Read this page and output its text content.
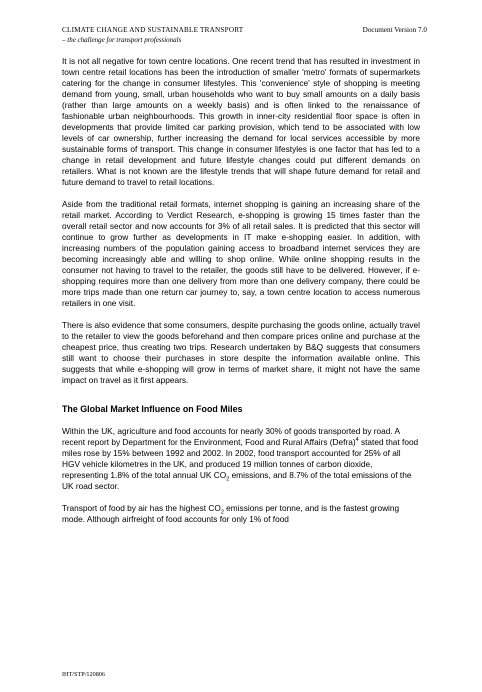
CLIMATE CHANGE AND SUSTAINABLE TRANSPORT	Document Version 7.0
– the challenge for transport professionals

It is not all negative for town centre locations. One recent trend that has resulted in investment in town centre retail locations has been the introduction of smaller 'metro' formats of supermarkets catering for the change in consumer lifestyles. This 'convenience' style of shopping is meeting demand from young, small, urban households who want to buy small amounts on a daily basis (rather than large amounts on a weekly basis) and is often linked to the renaissance of fashionable urban neighbourhoods. This growth in inner-city residential floor space is often in developments that provide limited car parking provision, which tend to be associated with low levels of car ownership, further increasing the demand for local services accessible by more sustainable forms of transport. This change in consumer lifestyles is one factor that has led to a change in retail development and future lifestyle changes could put different demands on retailers. What is not known are the lifestyle trends that will shape future demand for retail and future demand to travel to retail locations.

Aside from the traditional retail formats, internet shopping is gaining an increasing share of the retail market. According to Verdict Research, e-shopping is growing 15 times faster than the overall retail sector and now accounts for 3% of all retail sales. It is predicted that this sector will continue to grow further as developments in IT make e-shopping easier. In addition, with increasing numbers of the population gaining access to broadband internet services they are becoming increasingly able and willing to shop online. While online shopping results in the consumer not having to travel to the retailer, the goods still have to be delivered. However, if e-shopping requires more than one delivery from more than one delivery company, there could be more trips made than one return car journey to, say, a town centre location to access numerous retailers in one visit.

There is also evidence that some consumers, despite purchasing the goods online, actually travel to the retailer to view the goods beforehand and then compare prices online and purchase at the cheapest price, thus creating two trips. Research undertaken by B&Q suggests that consumers still want to choose their purchases in store despite the information available online. This suggests that while e-shopping will grow in terms of market share, it might not have the same impact on travel as it first appears.

The Global Market Influence on Food Miles

Within the UK, agriculture and food accounts for nearly 30% of goods transported by road. A recent report by Department for the Environment, Food and Rural Affairs (Defra)$^4$ stated that food miles rose by 15% between 1992 and 2002. In 2002, food transport accounted for 25% of all HGV vehicle kilometres in the UK, and produced 19 million tonnes of carbon dioxide, representing 1.8% of the total annual UK $CO_2$ emissions, and 8.7% of the total emissions of the UK road sector.

Transport of food by air has the highest $CO_2$ emissions per tonne, and is the fastest growing mode. Although airfreight of food accounts for only 1% of food

IHT/STP/120806
